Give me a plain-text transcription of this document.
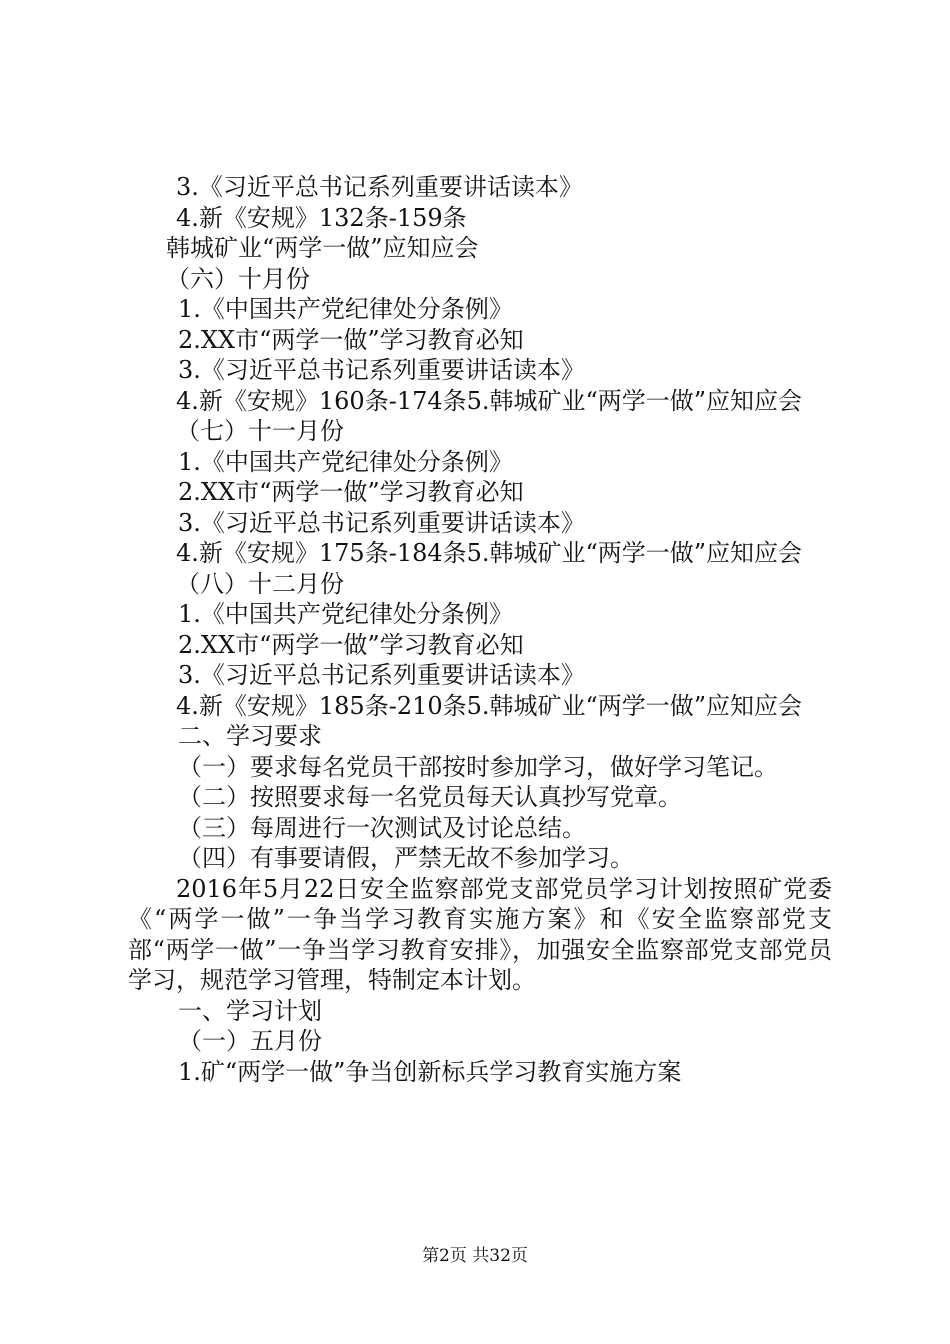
3.《习近平总书记系列重要讲话读本》

4.新《安规》132条-159条

韩城矿业“两学一做”应知应会

（六）十月份

1.《中国共产党纪律处分条例》

2.XX市“两学一做”学习教育必知

3.《习近平总书记系列重要讲话读本》

4.新《安规》160条-174条5.韩城矿业“两学一做”应知应会

（七）十一月份

1.《中国共产党纪律处分条例》

2.XX市“两学一做”学习教育必知

3.《习近平总书记系列重要讲话读本》

4.新《安规》175条-184条5.韩城矿业“两学一做”应知应会

（八）十二月份

1.《中国共产党纪律处分条例》

2.XX市“两学一做”学习教育必知

3.《习近平总书记系列重要讲话读本》

4.新《安规》185条-210条5.韩城矿业“两学一做”应知应会

二、学习要求

（一）要求每名党员干部按时参加学习，做好学习笔记。

（二）按照要求每一名党员每天认真抄写党章。

（三）每周进行一次测试及讨论总结。

（四）有事要请假，严禁无故不参加学习。

2016年5月22日安全监察部党支部党员学习计划按照矿党委《“两学一做”一争当学习教育实施方案》和《安全监察部党支部“两学一做”一争当学习教育安排》，加强安全监察部党支部党员学习，规范学习管理，特制定本计划。

一、学习计划

（一）五月份

1.矿“两学一做”争当创新标兵学习教育实施方案

第2页 共32页
